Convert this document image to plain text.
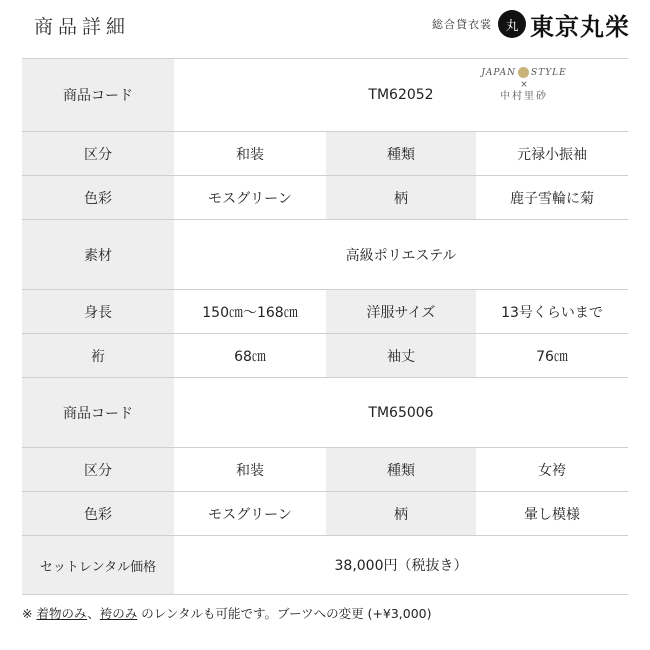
商品詳細	総合貸衣裳	丸 東京丸栄
商品コード	TM62052
JAPAN STYLE
×
中村里砂
区分	和装	種類	元禄小振袖
色彩	モスグリーン	柄	鹿子雪輪に菊
素材	高級ポリエステル
身長	150㎝～168㎝	洋服サイズ	13号くらいまで
裄	68㎝	袖丈	76㎝
商品コード	TM65006
区分	和装	種類	女袴
色彩	モスグリーン	柄	暈し模様
セットレンタル価格	38,000円（税抜き）
※ 着物のみ、袴のみ のレンタルも可能です。ブーツへの変更 (+¥3,000)
